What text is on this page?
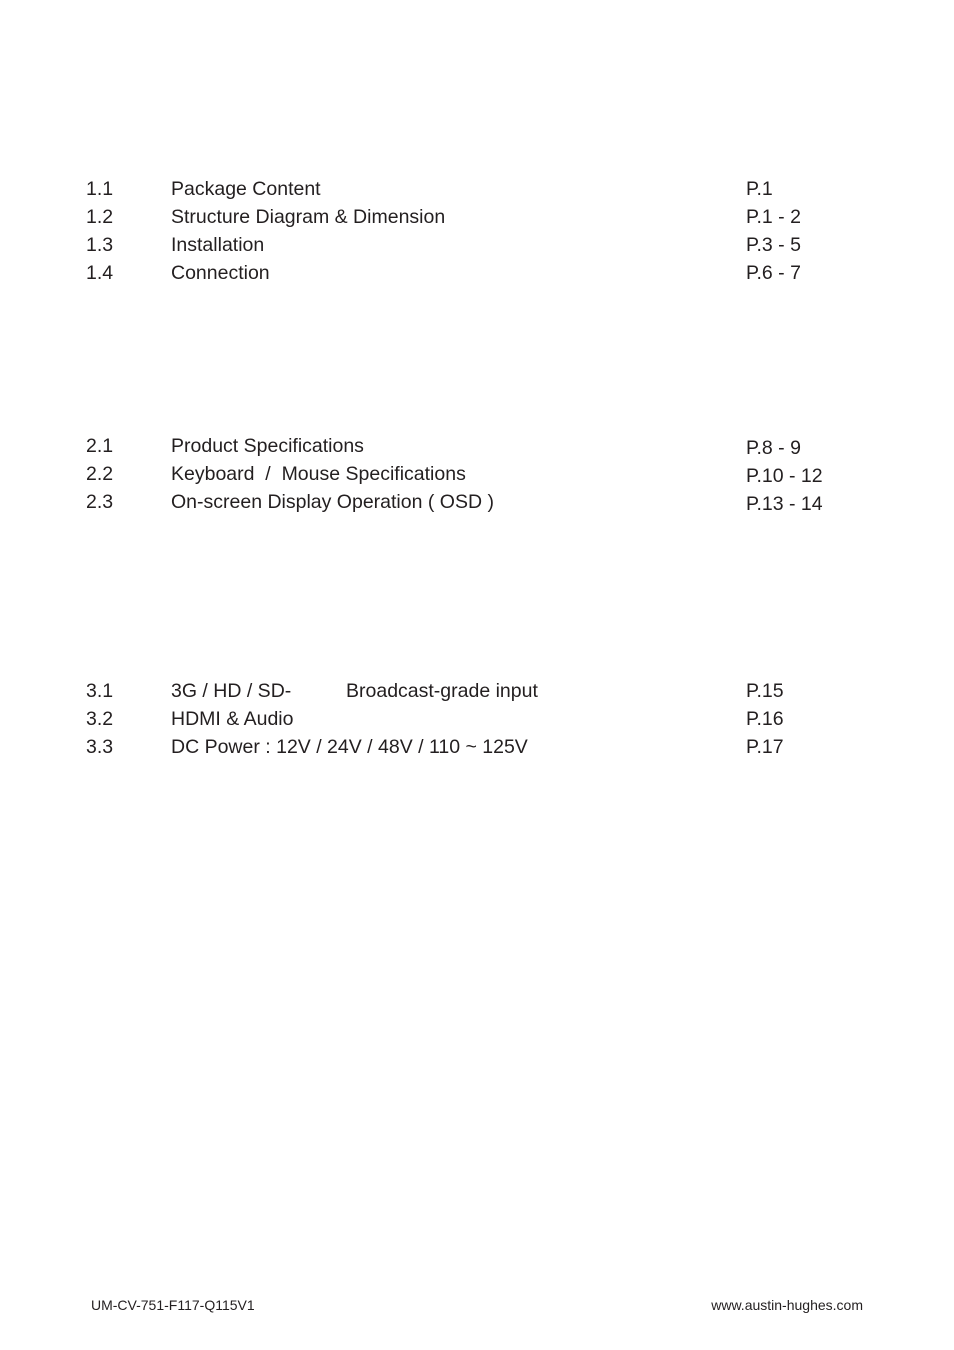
1.1	Package Content	P.1
1.2	Structure Diagram & Dimension	P.1 - 2
1.3	Installation	P.3 - 5
1.4	Connection	P.6 - 7
2.1	Product Specifications	P.8 - 9
2.2	Keyboard  /  Mouse Specifications	P.10 - 12
2.3	On-screen Display Operation ( OSD )	P.13 - 14
3.1	3G / HD / SD-	Broadcast-grade input	P.15
3.2	HDMI & Audio	P.16
3.3	DC Power : 12V / 24V / 48V / 110 ~ 125V	P.17
UM-CV-751-F117-Q115V1	www.austin-hughes.com
